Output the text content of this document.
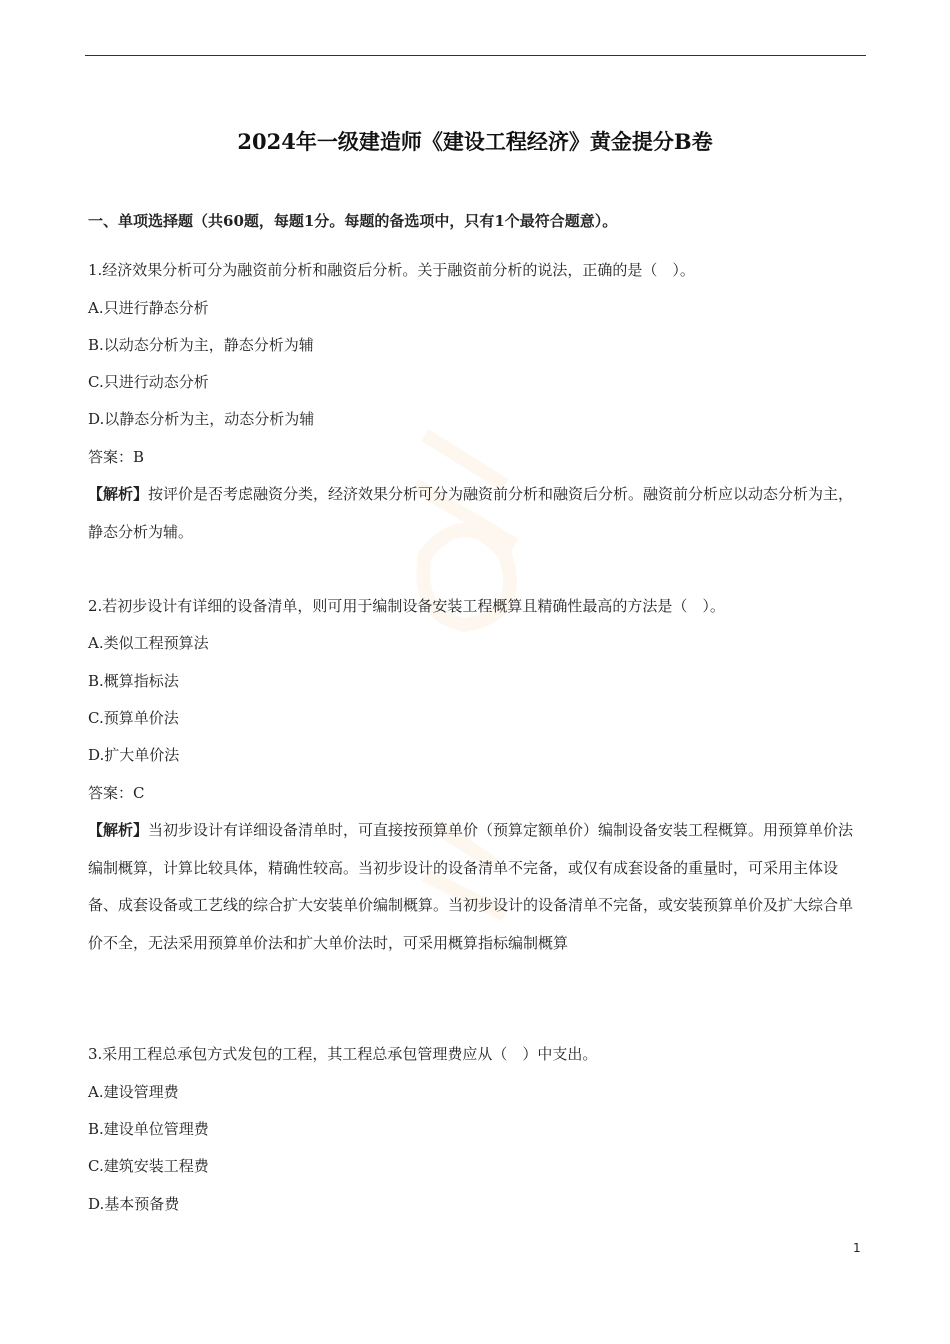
2024年一级建造师《建设工程经济》黄金提分B卷
一、单项选择题（共60题，每题1分。每题的备选项中，只有1个最符合题意）。
1.经济效果分析可分为融资前分析和融资后分析。关于融资前分析的说法，正确的是（　）。
A.只进行静态分析
B.以动态分析为主，静态分析为辅
C.只进行动态分析
D.以静态分析为主，动态分析为辅
答案：B
【解析】按评价是否考虑融资分类，经济效果分析可分为融资前分析和融资后分析。融资前分析应以动态分析为主，静态分析为辅。
2.若初步设计有详细的设备清单，则可用于编制设备安装工程概算且精确性最高的方法是（　）。
A.类似工程预算法
B.概算指标法
C.预算单价法
D.扩大单价法
答案：C
【解析】当初步设计有详细设备清单时，可直接按预算单价（预算定额单价）编制设备安装工程概算。用预算单价法编制概算，计算比较具体，精确性较高。当初步设计的设备清单不完备，或仅有成套设备的重量时，可采用主体设备、成套设备或工艺线的综合扩大安装单价编制概算。当初步设计的设备清单不完备，或安装预算单价及扩大综合单价不全，无法采用预算单价法和扩大单价法时，可采用概算指标编制概算
3.采用工程总承包方式发包的工程，其工程总承包管理费应从（　）中支出。
A.建设管理费
B.建设单位管理费
C.建筑安装工程费
D.基本预备费
1
